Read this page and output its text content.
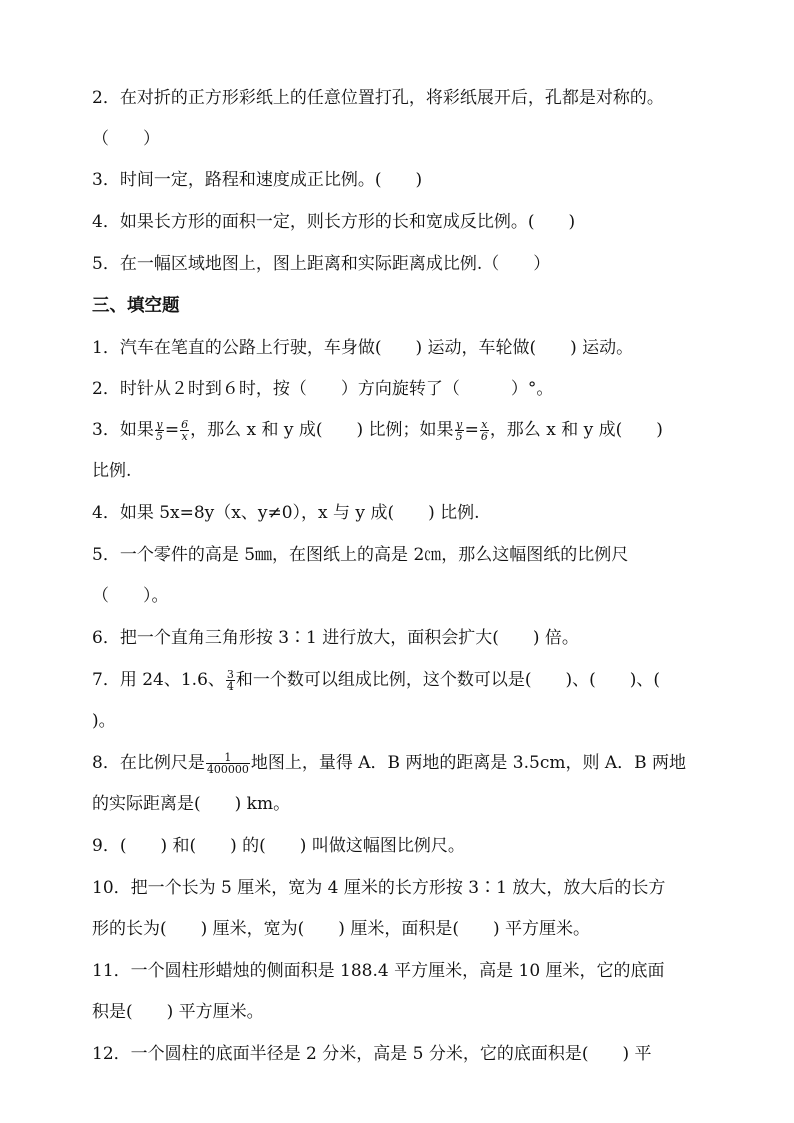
2．在对折的正方形彩纸上的任意位置打孔，将彩纸展开后，孔都是对称的。
（　　）
3．时间一定，路程和速度成正比例。(　　)
4．如果长方形的面积一定，则长方形的长和宽成反比例。(　　)
5．在一幅区域地图上，图上距离和实际距离成比例.（　　）
三、填空题
1．汽车在笔直的公路上行驶，车身做(　　) 运动，车轮做(　　) 运动。
2．时针从２时到６时，按（　　）方向旋转了（　　　）°。
3．如果 $\frac{y}{5} = \frac{6}{x}$ ，那么 x 和 y 成(　　) 比例；如果 $\frac{y}{5} = \frac{x}{6}$ ，那么 x 和 y 成(　　)
比例.
4．如果 5x=8y（x、y≠0），x 与 y 成(　　) 比例.
5．一个零件的高是 5㎜，在图纸上的高是 2㎝，那么这幅图纸的比例尺
（　　）。
6．把一个直角三角形按 3∶1 进行放大，面积会扩大(　　) 倍。
7．用 24、1.6、 $\frac{3}{4}$ 和一个数可以组成比例，这个数可以是(　　)、(　　)、(
)。
8．在比例尺是 $\frac{1}{400000}$ 地图上，量得 A．B 两地的距离是 3.5cm，则 A．B 两地
的实际距离是(　　) km。
9．(　　) 和(　　) 的(　　) 叫做这幅图比例尺。
10．把一个长为 5 厘米，宽为 4 厘米的长方形按 3∶1 放大，放大后的长方
形的长为(　　) 厘米，宽为(　　) 厘米，面积是(　　) 平方厘米。
11．一个圆柱形蜡烛的侧面积是 188.4 平方厘米，高是 10 厘米，它的底面
积是(　　) 平方厘米。
12．一个圆柱的底面半径是 2 分米，高是 5 分米，它的底面积是(　　) 平
